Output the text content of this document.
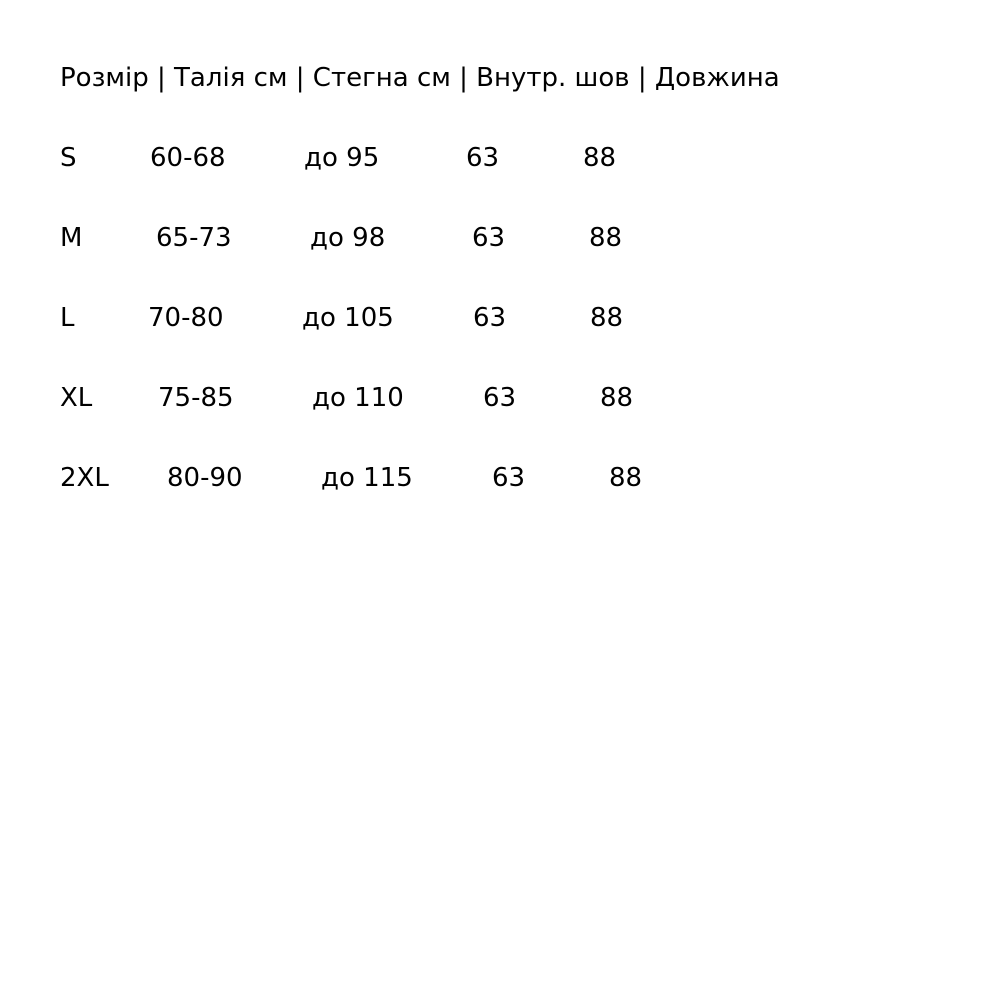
Розмір | Талія см | Стегна см | Внутр. шов | Довжина
S	60-68	до 95	63	88
M	65-73	до 98	63	88
L	70-80	до 105	63	88
XL	75-85	до 110	63	88
2XL 80-90	до 115	63	88
